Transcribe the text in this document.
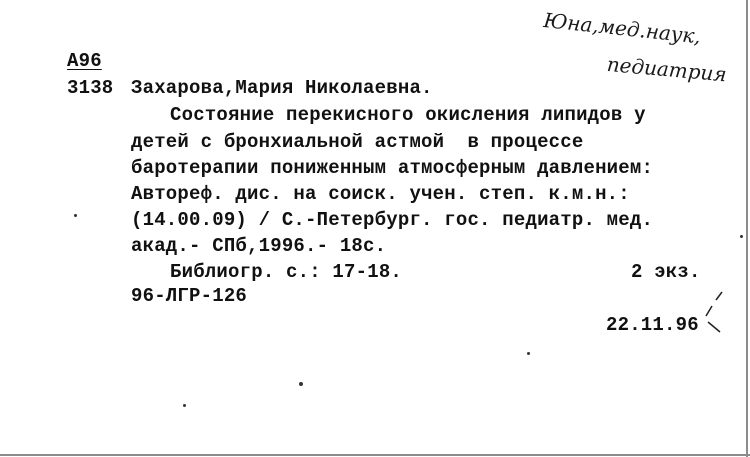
Юна,мед.наук,
педиатрия
А96
3138 Захарова,Мария Николаевна.
Состояние перекисного окисления липидов у
детей с бронхиальной астмой  в процессе
баротерапии пониженным атмосферным давлением:
Автореф. дис. на соиск. учен. степ. к.м.н.:
(14.00.09) / С.-Петербург. гос. педиатр. мед.
акад.- СПб,1996.- 18с.
Библиогр. с.: 17-18.	2 экз.
96-ЛГР-126
22.11.96
